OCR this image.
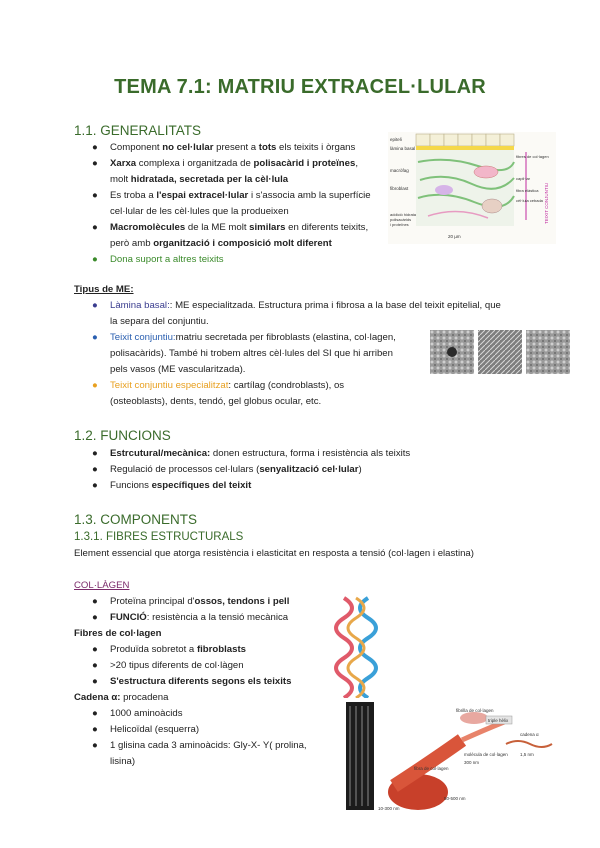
TEMA 7.1: MATRIU EXTRACEL·LULAR
1.1. GENERALITATS
● Component no cel·lular present a tots els teixits i òrgans
● Xarxa complexa i organitzada de polisacàrid i proteïnes,
molt hidratada, secretada per la cèl·lula
● Es troba a l'espai extracel·lular i s'associa amb la superfície
cel·lular de les cèl·lules que la produeixen
● Macromolècules de la ME molt similars en diferents teixits,
però amb organització i composició molt diferent
● Dona suport a altres teixits
epiteli
làmina basal
macròfag
fibroblast
addició hidrata
polisacàrids
i proteïnes
fibres de col·lagen
capil·lar
fibra elàstica
cèl·lula cebada
20 µm
TEIXIT CONJUNTIU
Tipus de ME:
● Làmina basal:: ME especialitzada. Estructura prima i fibrosa a la base del teixit epitelial, que
la separa del conjuntiu.
● Teixit conjuntiu:matriu secretada per fibroblasts (elastina, col·lagen,
polisacàrids). També hi trobem altres cèl·lules del SI que hi arriben
pels vasos (ME vascularitzada).
● Teixit conjuntiu especialitzat: cartílag (condroblasts), os
(osteoblasts), dents, tendó, gel globus ocular, etc.
1.2. FUNCIONS
● Estrcutural/mecànica: donen estructura, forma i resistència als teixits
● Regulació de processos cel·lulars (senyalització cel·lular)
● Funcions específiques del teixit
1.3. COMPONENTS
1.3.1. FIBRES ESTRUCTURALS
Element essencial que atorga resistència i elasticitat en resposta a tensió (col·lagen i elastina)
COL·LÀGEN
● Proteïna principal d'ossos, tendons i pell
● FUNCIÓ: resistència a la tensió mecànica
Fibres de col·lagen
● Produïda sobretot a fibroblasts
● >20 tipus diferents de col·làgen
● S'estructura diferents segons els teixits
Cadena α: procadena
● 1000 aminoàcids
● Helicoïdal (esquerra)
● 1 glisina cada 3 aminoàcids: Gly-X- Y( prolina,
lisina)
fibrilla de col·lagen
triple hèlix
cadena α
molècula de col·lagen
300 nm
fibra de col·lagen
50-500 nm
1,5 nm
10-300 nm
